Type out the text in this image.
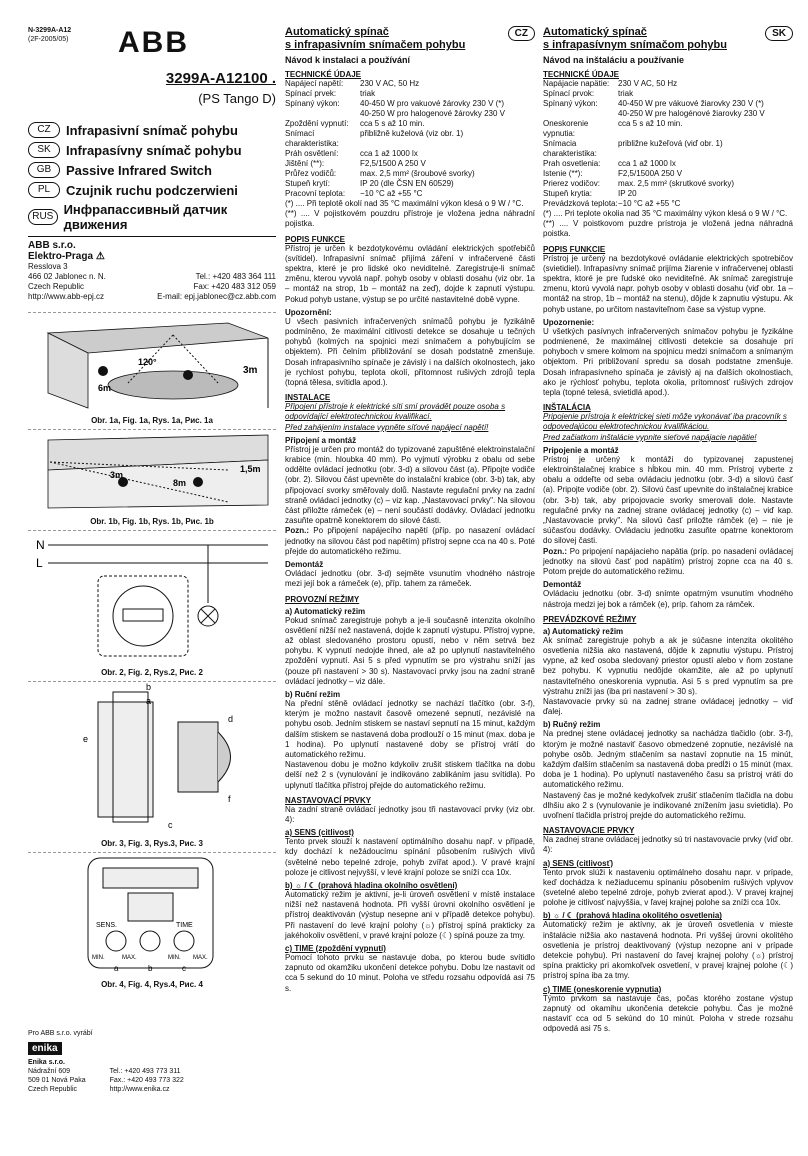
N-3299A-A12
(2F-2005/05)	ABB
3299A-A12100 .
(PS Tango D)
CZ	Infrapasivní snímač pohybu
SK	Infrapasívny snímač pohybu
GB	Passive Infrared Switch
PL	Czujnik ruchu podczerwieni
RUS Инфрапассивный датчик движения
ABB s.r.o.
Elektro-Praga ⚠
Resslova 3
466 02 Jablonec n. N.	Tel.: +420 483 364 111
Czech Republic	Fax: +420 483 312 059
http://www.abb-epj.cz	E-mail: epj.jablonec@cz.abb.com
120°
6m
3m
Obr. 1a, Fig. 1a, Rys. 1a, Рис. 1a
3m
8m
1,5m
Obr. 1b, Fig. 1b, Rys. 1b, Рис. 1b
N
L
Obr. 2, Fig. 2, Rys.2, Рис. 2
b
a
e
d
f
c
Obr. 3, Fig. 3, Rys.3, Рис. 3
SENS.	TIME
MIN.	MAX.	MIN. MAX.
a	b	c
Obr. 4, Fig. 4, Rys.4, Рис. 4
Pro ABB s.r.o. vyrábí
enika
Enika s.r.o.
Nádražní 609
509 01 Nová Paka
Czech Republic
Tel.: +420 493 773 311
Fax.: +420 493 773 322
http://www.enika.cz
CZ
Automatický spínač
s infrapasivním snímačem pohybu
Návod k instalaci a používání
TECHNICKÉ ÚDAJE
Napájecí napětí:	230 V AC, 50 Hz
Spínací prvek:	triak
Spínaný výkon:	40-450 W pro vakuové žárovky 230 V (*)
40-250 W pro halogenové žárovky 230 V
Zpoždění vypnutí:	cca 5 s až 10 min.
Snímací charakteristika:
přibližně kuželová (viz obr. 1)
Práh osvětlení:	cca 1 až 1000 lx
Jištění (**):	F2,5/1500 A 250 V
Průřez vodičů:	max. 2,5 mm² (šroubové svorky)
Stupeň krytí:	IP 20 (dle ČSN EN 60529)
Pracovní teplota:	−10 °C až +55 °C
(*) .... Při teplotě okolí nad 35 °C maximální výkon klesá o 9 W / °C.
(**) .... V pojistkovém pouzdru přístroje je vložena jedna náhradní pojistka.
POPIS FUNKCE
Přístroj je určen k bezdotykovému ovládání elektrických spotřebičů (svítidel). Infrapasivní snímač přijímá záření v infračervené části spektra, které je pro lidské oko neviditelné. Zaregistruje-li snímač změnu, kterou vyvolá např. pohyb osoby v oblasti dosahu (viz obr. 1a – montáž na strop, 1b – montáž na zeď), dojde k zapnutí výstupu. Pokud pohyb ustane, výstup se po určité nastavitelné době vypne.
Upozornění:
U všech pasivních infračervených snímačů pohybu je fyzikálně podmíněno, že maximální citlivosti detekce se dosahuje u tečných pohybů (kolmých na spojnici mezi snímačem a pohybujícím se objektem). Při čelním přibližování se dosah podstatně zmenšuje. Dosah infrapasivního spínače je závislý i na dalších okolnostech, jako je rychlost pohybu, teplota okolí, přítomnost rušivých zdrojů tepla (topná tělesa, svítidla apod.).
INSTALACE
Připojení přístroje k elektrické síti smí provádět pouze osoba s odpovídající elektrotechnickou kvalifikací.
Před zahájením instalace vypněte síťové napájecí napětí!
Připojení a montáž
Přístroj je určen pro montáž do typizované zapuštěné elektroinstalační krabice (min. hloubka 40 mm). Po vyjmutí výrobku z obalu od sebe oddělte ovládací jednotku (obr. 3-d) a silovou část (a). Připojte vodiče (obr. 2). Silovou část upevněte do instalační krabice (obr. 3-b) tak, aby připojovací svorky směřovaly dolů. Nastavte regulační prvky na zadní straně ovládací jednotky (c) – viz kap. „Nastavovací prvky". Na silovou část přiložte rámeček (e) – není součástí dodávky. Ovládací jednotku zasuňte opatrně konektorem do silové části.
Pozn.: Po připojení napájecího napětí (příp. po nasazení ovládací jednotky na silovou část pod napětím) přístroj sepne cca na 40 s. Poté přejde do automatického režimu.
Demontáž
Ovládací jednotku (obr. 3-d) sejměte vsunutím vhodného nástroje mezi její bok a rámeček (e), příp. tahem za rámeček.
PROVOZNÍ REŽIMY
a) Automatický režim
Pokud snímač zaregistruje pohyb a je-li současně intenzita okolního osvětlení nižší než nastavená, dojde k zapnutí výstupu. Přístroj vypne, až oblast sledovaného prostoru opustí, nebo v něm setrvá bez pohybu. K vypnutí nedojde ihned, ale až po uplynutí nastavitelného zpoždění vypnutí. Asi 5 s před vypnutím se pro výstrahu sníží jas (pouze při nastavení > 30 s). Nastavovací prvky jsou na zadní straně ovládací jednotky – viz dále.
b) Ruční režim
Na přední stěně ovládací jednotky se nachází tlačítko (obr. 3-f), kterým je možno nastavit časově omezené sepnutí, nezávislé na pohybu osob. Jedním stiskem se nastaví sepnutí na 15 minut, každým dalším stiskem se nastavená doba prodlouží o 15 minut (max. doba je 1 hodina). Po uplynutí nastavené doby se přístroj vrátí do automatického režimu.
Nastavenou dobu je možno kdykoliv zrušit stiskem tlačítka na dobu delší než 2 s (vynulování je indikováno zablikáním jasu svítidla). Po uplynutí tlačítka přístroj přejde do automatického režimu.
NASTAVOVACÍ PRVKY
Na zadní straně ovládací jednotky jsou tři nastavovací prvky (viz obr. 4):
a) SENS (citlivost)
Tento prvek slouží k nastavení optimálního dosahu např. v případě, kdy dochází k nežádoucímu spínání působením rušivých vlivů (světelné nebo tepelné zdroje, pohyb zvířat apod.). V pravé krajní poloze je citlivost nejvyšší, v levé krajní poloze se sníží cca 10x.
b) ☼ / ☾ (prahová hladina okolního osvětlení)
Automatický režim je aktivní, je-li úroveň osvětlení v místě instalace nižší než nastavená hodnota. Při vyšší úrovni okolního osvětlení je přístroj deaktivován (výstup nesepne ani v případě detekce pohybu). Při nastavení do levé krajní polohy (☼) přístroj spíná prakticky za jakéhokoliv osvětlení, v pravé krajní poloze (☾) spíná pouze za tmy.
c) TIME (zpoždění vypnutí)
Pomocí tohoto prvku se nastavuje doba, po kterou bude svítidlo zapnuto od okamžiku ukončení detekce pohybu. Dobu lze nastavit od cca 5 sekund do 10 minut. Poloha ve středu rozsahu odpovídá asi 75 s.
SK
Automatický spínač
s infrapasívnym snímačom pohybu
Návod na inštaláciu a používanie
TECHNICKÉ ÚDAJE
Napájacie napätie:	230 V AC, 50 Hz
Spínací prvok:	triak
Spínaný výkon:	40-450 W pre vákuové žiarovky 230 V (*)
40-250 W pre halogénové žiarovky 230 V
Oneskorenie vypnutia:
cca 5 s až 10 min.
Snímacia charakteristika:
približne kužeľová (viď obr. 1)
Prah osvetlenia:	cca 1 až 1000 lx
Istenie (**):	F2,5/1500A 250 V
Prierez vodičov:	max. 2,5 mm² (skrutkové svorky)
Stupeň krytia:	IP 20
Prevádzková teplota: −10 °C až +55 °C
(*) .... Pri teplote okolia nad 35 °C maximálny výkon klesá o 9 W / °C.
(**) .... V poistkovom puzdre prístroja je vložená jedna náhradná poistka.
POPIS FUNKCIE
Prístroj je určený na bezdotykové ovládanie elektrických spotrebičov (svietidiel). Infrapasívny snímač prijíma žiarenie v infračervenej oblasti spektra, ktoré je pre ľudské oko neviditeľné. Ak snímač zaregistruje zmenu, ktorú vyvolá napr. pohyb osoby v oblasti dosahu (viď obr. 1a – montáž na strop, 1b – montáž na stenu), dôjde k zapnutiu výstupu. Ak pohyb ustane, po určitom nastaviteľnom čase sa výstup vypne.
Upozornenie:
U všetkých pasívnych infračervených snímačov pohybu je fyzikálne podmienené, že maximálnej citlivosti detekcie sa dosahuje pri pohyboch v smere kolmom na spojnicu medzi snímačom a snímaným objektom. Pri približovaní spredu sa dosah podstatne zmenšuje. Dosah infrapasívneho spínača je závislý aj na ďalších okolnostiach, ako je rýchlosť pohybu, teplota okolia, prítomnosť rušivých zdrojov tepla (topné telesá, svietidlá apod.).
INŠTALÁCIA
Pripojenie prístroja k elektrickej sieti môže vykonávať iba pracovník s odpovedajúcou elektrotechnickou kvalifikáciou.
Pred začiatkom inštalácie vypnite sieťové napájacie napätie!
Pripojenie a montáž
Prístroj je určený k montáži do typizovanej zapustenej elektroinštalačnej krabice s hĺbkou min. 40 mm. Prístroj vyberte z obalu a oddeľte od seba ovládaciu jednotku (obr. 3-d) a silovú časť (a). Pripojte vodiče (obr. 2). Silovú časť upevnite do inštalačnej krabice (obr. 3-b) tak, aby pripojovacie svorky smerovali dole. Nastavte regulačné prvky na zadnej strane ovládacej jednotky (c) – viď kap. „Nastavovacie prvky". Na silovú časť priložte rámček (e) – nie je súčasťou dodávky. Ovládaciu jednotku zasuňte opatrne konektorom do silovej časti.
Pozn.: Po pripojení napájacieho napätia (príp. po nasadení ovládacej jednotky na silovú časť pod napätím) prístroj zopne cca na 40 s. Potom prejde do automatického režimu.
Demontáž
Ovládaciu jednotku (obr. 3-d) snímte opatrným vsunutím vhodného nástroja medzi jej bok a rámček (e), príp. ťahom za rámček.
PREVÁDZKOVÉ REŽIMY
a) Automatický režim
Ak snímač zaregistruje pohyb a ak je súčasne intenzita okolitého osvetlenia nižšia ako nastavená, dôjde k zapnutiu výstupu. Prístroj vypne, až keď osoba sledovaný priestor opustí alebo v ňom zostane bez pohybu. K vypnutiu nedôjde okamžite, ale až po uplynutí nastaviteľného oneskorenia vypnutia. Asi 5 s pred vypnutím sa pre výstrahu zníži jas (iba pri nastavení > 30 s).
Nastavovacie prvky sú na zadnej strane ovládacej jednotky – viď ďalej.
b) Ručný režim
Na prednej stene ovládacej jednotky sa nachádza tlačidlo (obr. 3-f), ktorým je možné nastaviť časovo obmedzené zopnutie, nezávislé na pohybe osôb. Jedným stlačením sa nastaví zopnutie na 15 minút, každým ďalším stlačením sa nastavená doba predĺži o 15 minút (max. doba je 1 hodina). Po uplynutí nastaveného času sa prístroj vráti do automatického režimu.
Nastavený čas je možné kedykoľvek zrušiť stlačením tlačidla na dobu dlhšiu ako 2 s (vynulovanie je indikované znížením jasu svietidla). Po uvoľnení tlačidla prístroj prejde do automatického režimu.
NASTAVOVACIE PRVKY
Na zadnej strane ovládacej jednotky sú tri nastavovacie prvky (viď obr. 4):
a) SENS (citlivosť)
Tento prvok slúži k nastaveniu optimálneho dosahu napr. v prípade, keď dochádza k nežiaducemu spínaniu pôsobením rušivých vplyvov (svetelné alebo tepelné zdroje, pohyb zvierat apod.). V pravej krajnej polohe je citlivosť najvyššia, v ľavej krajnej polohe sa zníži cca 10x.
b) ☼ / ☾ (prahová hladina okolitého osvetlenia)
Automatický režim je aktívny, ak je úroveň osvetlenia v mieste inštalácie nižšia ako nastavená hodnota. Pri vyššej úrovni okolitého osvetlenia je prístroj deaktivovaný (výstup nezopne ani v prípade detekcie pohybu). Pri nastavení do ľavej krajnej polohy (☼) prístroj spína prakticky pri akomkoľvek osvetlení, v pravej krajnej polohe (☾) prístroj spína iba za tmy.
c) TIME (oneskorenie vypnutia)
Týmto prvkom sa nastavuje čas, počas ktorého zostane výstup zapnutý od okamihu ukončenia detekcie pohybu. Čas je možné nastaviť cca od 5 sekúnd do 10 minút. Poloha v strede rozsahu odpovedá asi 75 s.
